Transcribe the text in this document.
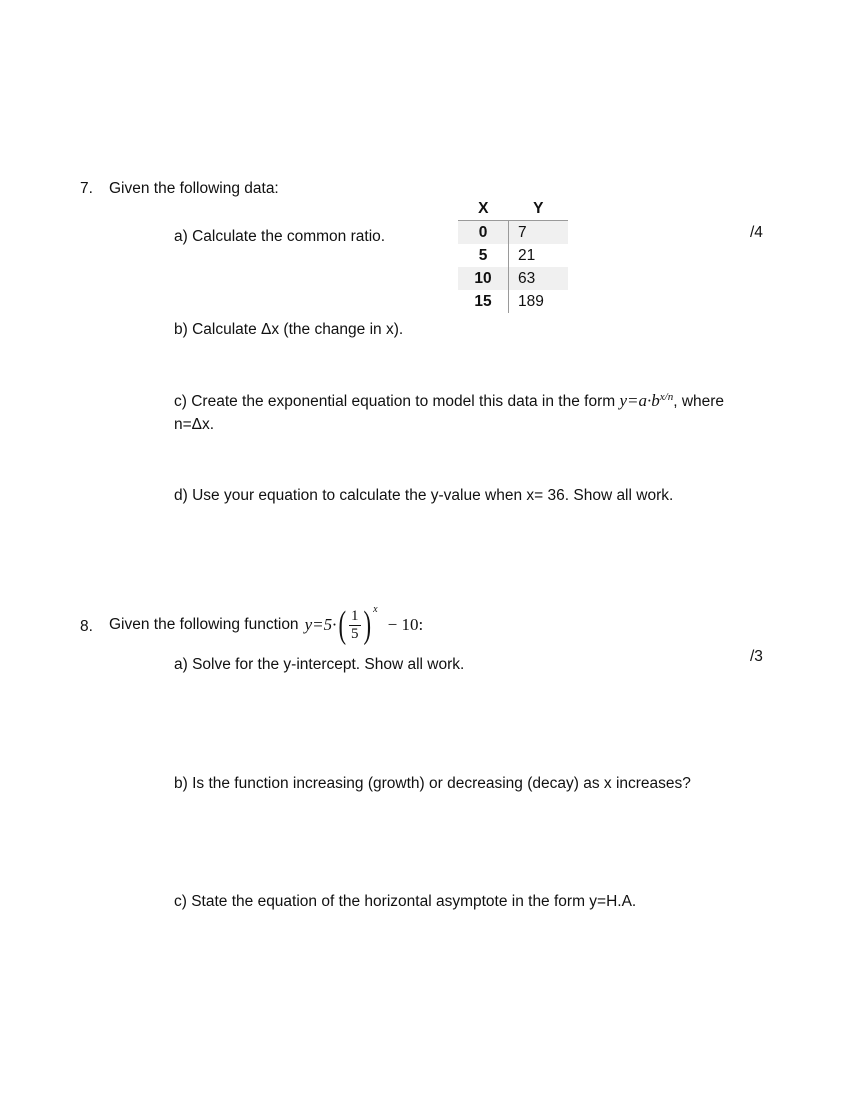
7. Given the following data:
a) Calculate the common ratio.	/4
X	Y
0	7
5	21
10	63
15	189
b) Calculate Δx (the change in x).
c) Create the exponential equation to model this data in the form $y=a\cdot b^{x/n}$, where
n=Δx.
d) Use your equation to calculate the y-value when x= 36. Show all work.
8. Given the following function y=5· ( $\frac{1}{5}$ ) x
− 10:
/3
a) Solve for the y-intercept. Show all work.
b) Is the function increasing (growth) or decreasing (decay) as x increases?
c) State the equation of the horizontal asymptote in the form y=H.A.
